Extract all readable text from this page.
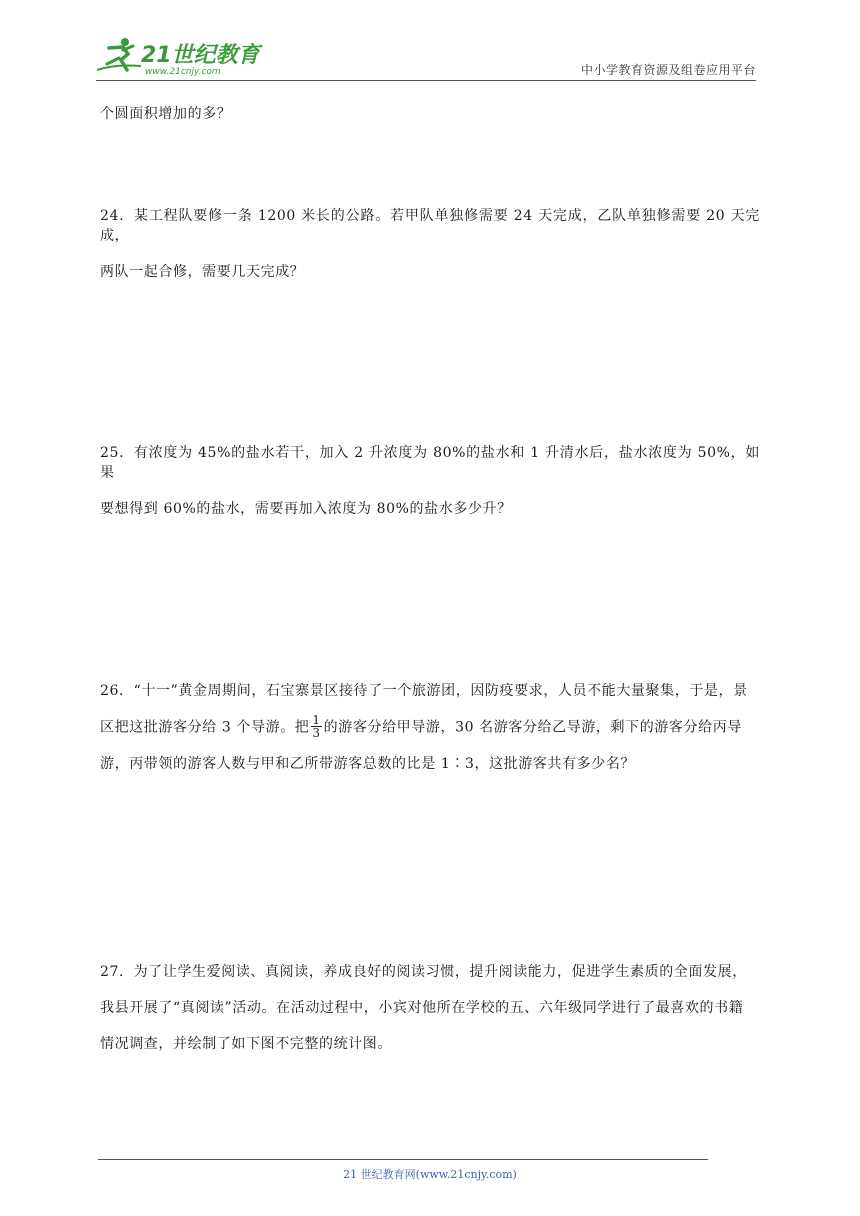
21世纪教育
www.21cnjy.com	中小学教育资源及组卷应用平台
个圆面积增加的多？
24．某工程队要修一条 1200 米长的公路。若甲队单独修需要 24 天完成，乙队单独修需要 20 天完成，
两队一起合修，需要几天完成？
25．有浓度为 45%的盐水若干，加入 2 升浓度为 80%的盐水和 1 升清水后，盐水浓度为 50%，如果
要想得到 60%的盐水，需要再加入浓度为 80%的盐水多少升？
26．“十一”黄金周期间，石宝寨景区接待了一个旅游团，因防疫要求，人员不能大量聚集，于是，景
区把这批游客分给 3 个导游。把 $\frac{1}{3}$ 的游客分给甲导游，30 名游客分给乙导游，剩下的游客分给丙导
游，丙带领的游客人数与甲和乙所带游客总数的比是 1∶3，这批游客共有多少名？
27．为了让学生爱阅读、真阅读，养成良好的阅读习惯，提升阅读能力，促进学生素质的全面发展，
我县开展了“真阅读”活动。在活动过程中，小宾对他所在学校的五、六年级同学进行了最喜欢的书籍
情况调查，并绘制了如下图不完整的统计图。
21 世纪教育网(www.21cnjy.com)
